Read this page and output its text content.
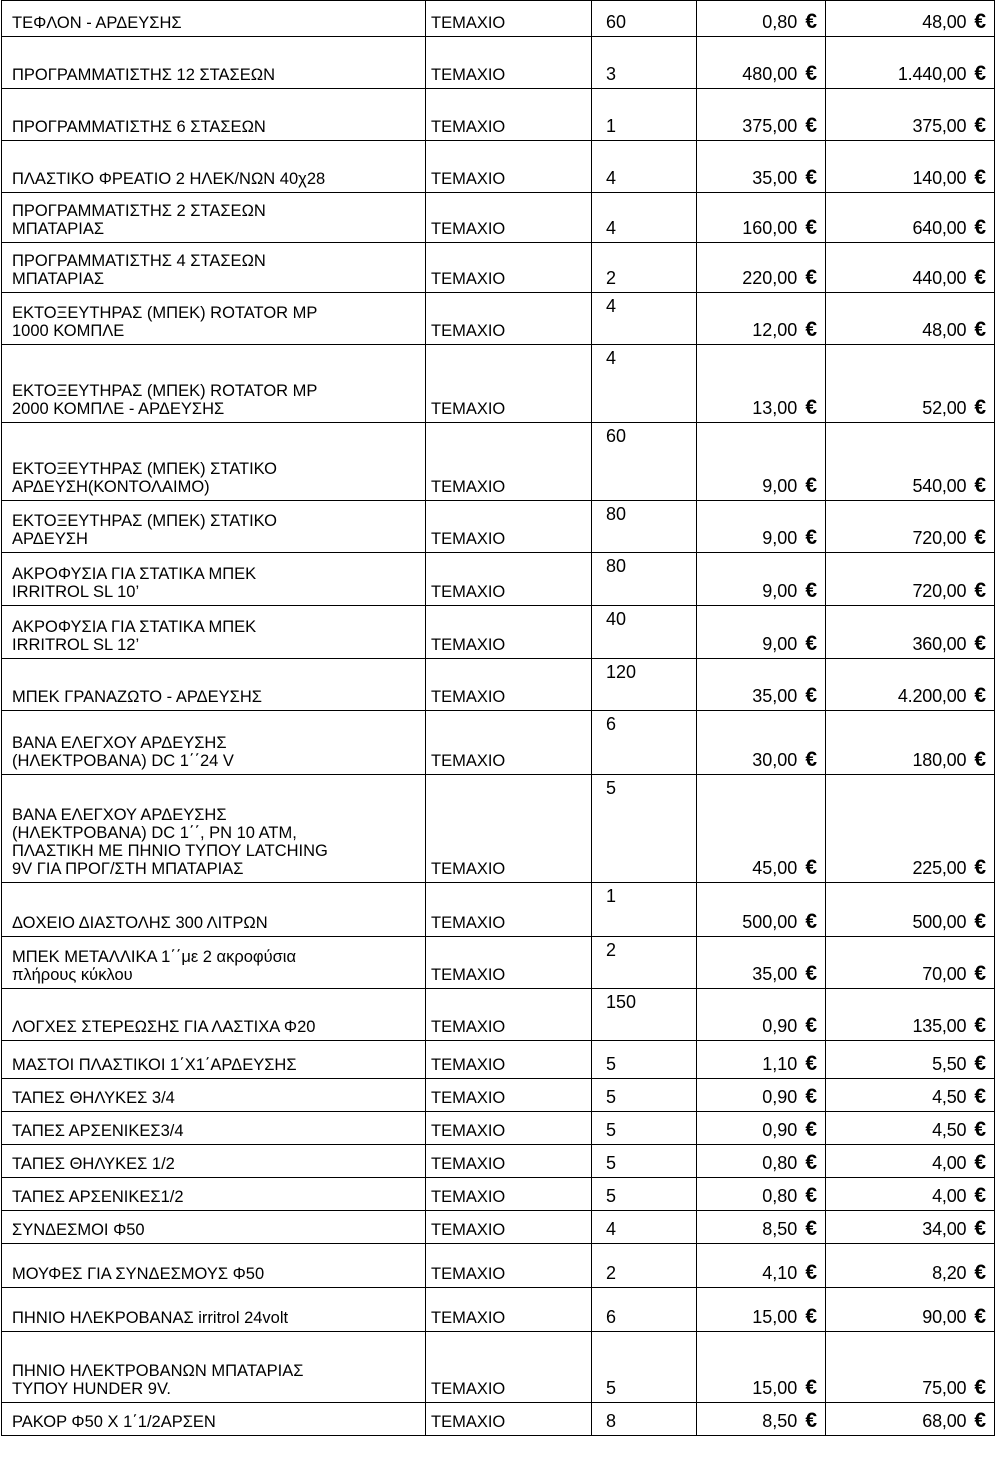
ΤΕΦΛΟΝ - ΑΡΔΕΥΣΗΣ	ΤΕΜΑΧΙΟ	60	0,80 €	48,00 €
ΠΡΟΓΡΑΜΜΑΤΙΣΤΗΣ 12 ΣΤΑΣΕΩΝ	ΤΕΜΑΧΙΟ	3	480,00 €	1.440,00 €
ΠΡΟΓΡΑΜΜΑΤΙΣΤΗΣ 6 ΣΤΑΣΕΩΝ	ΤΕΜΑΧΙΟ	1	375,00 €	375,00 €
ΠΛΑΣΤΙΚΟ ΦΡΕΑΤΙΟ 2 ΗΛΕΚ/ΝΩΝ 40χ28	ΤΕΜΑΧΙΟ	4	35,00 €	140,00 €
ΠΡΟΓΡΑΜΜΑΤΙΣΤΗΣ 2 ΣΤΑΣΕΩΝ
ΜΠΑΤΑΡΙΑΣ	ΤΕΜΑΧΙΟ	4	160,00 €	640,00 €
ΠΡΟΓΡΑΜΜΑΤΙΣΤΗΣ 4 ΣΤΑΣΕΩΝ
ΜΠΑΤΑΡΙΑΣ	ΤΕΜΑΧΙΟ	2	220,00 €	440,00 €
ΕΚΤΟΞΕΥΤΗΡΑΣ (ΜΠΕΚ) ROTATOR MP
1000 ΚΟΜΠΛΕ	ΤΕΜΑΧΙΟ	4	12,00 €	48,00 €
ΕΚΤΟΞΕΥΤΗΡΑΣ (ΜΠΕΚ) ROTATOR MP
2000 ΚΟΜΠΛΕ - ΑΡΔΕΥΣΗΣ	ΤΕΜΑΧΙΟ	4	13,00 €	52,00 €
ΕΚΤΟΞΕΥΤΗΡΑΣ (ΜΠΕΚ) ΣΤΑΤΙΚΟ
ΑΡΔΕΥΣΗ(ΚΟΝΤΟΛΑΙΜΟ)	ΤΕΜΑΧΙΟ	60	9,00 €	540,00 €
ΕΚΤΟΞΕΥΤΗΡΑΣ (ΜΠΕΚ) ΣΤΑΤΙΚΟ
ΑΡΔΕΥΣΗ	ΤΕΜΑΧΙΟ	80	9,00 €	720,00 €
ΑΚΡΟΦΥΣΙΑ ΓΙΑ ΣΤΑΤΙΚΑ ΜΠΕΚ
IRRITROL SL 10’	ΤΕΜΑΧΙΟ	80	9,00 €	720,00 €
ΑΚΡΟΦΥΣΙΑ ΓΙΑ ΣΤΑΤΙΚΑ ΜΠΕΚ
IRRITROL SL 12’	ΤΕΜΑΧΙΟ	40	9,00 €	360,00 €
ΜΠΕΚ ΓΡΑΝΑΖΩΤΟ - ΑΡΔΕΥΣΗΣ	ΤΕΜΑΧΙΟ	120	35,00 €	4.200,00 €
ΒΑΝΑ ΕΛΕΓΧΟΥ ΑΡΔΕΥΣΗΣ
(ΗΛΕΚΤΡΟΒΑΝΑ) DC 1΄΄24 V	ΤΕΜΑΧΙΟ	6	30,00 €	180,00 €
ΒΑΝΑ ΕΛΕΓΧΟΥ ΑΡΔΕΥΣΗΣ
(ΗΛΕΚΤΡΟΒΑΝΑ) DC 1΄΄, PN 10 ATM,
ΠΛΑΣΤΙΚΗ ΜΕ ΠΗΝΙΟ ΤΥΠΟΥ LATCHING
9V ΓΙΑ ΠΡΟΓ/ΣΤΗ ΜΠΑΤΑΡΙΑΣ	ΤΕΜΑΧΙΟ	5	45,00 €	225,00 €
ΔΟΧΕΙΟ ΔΙΑΣΤΟΛΗΣ 300 ΛΙΤΡΩΝ	ΤΕΜΑΧΙΟ	1	500,00 €	500,00 €
ΜΠΕΚ ΜΕΤΑΛΛΙΚΑ 1΄΄με 2 ακροφύσια
πλήρους κύκλου	ΤΕΜΑΧΙΟ	2	35,00 €	70,00 €
ΛΟΓΧΕΣ ΣΤΕΡΕΩΣΗΣ ΓΙΑ ΛΑΣΤΙΧΑ Φ20	ΤΕΜΑΧΙΟ	150	0,90 €	135,00 €
ΜΑΣΤΟΙ ΠΛΑΣΤΙΚΟΙ 1΄Χ1΄ΑΡΔΕΥΣΗΣ	ΤΕΜΑΧΙΟ	5	1,10 €	5,50 €
ΤΑΠΕΣ ΘΗΛΥΚΕΣ 3/4	ΤΕΜΑΧΙΟ	5	0,90 €	4,50 €
ΤΑΠΕΣ ΑΡΣΕΝΙΚΕΣ3/4	ΤΕΜΑΧΙΟ	5	0,90 €	4,50 €
ΤΑΠΕΣ ΘΗΛΥΚΕΣ 1/2	ΤΕΜΑΧΙΟ	5	0,80 €	4,00 €
ΤΑΠΕΣ ΑΡΣΕΝΙΚΕΣ1/2	ΤΕΜΑΧΙΟ	5	0,80 €	4,00 €
ΣΥΝΔΕΣΜΟΙ Φ50	ΤΕΜΑΧΙΟ	4	8,50 €	34,00 €
ΜΟΥΦΕΣ ΓΙΑ ΣΥΝΔΕΣΜΟΥΣ Φ50	ΤΕΜΑΧΙΟ	2	4,10 €	8,20 €
ΠΗΝΙΟ ΗΛΕΚΡΟΒΑΝΑΣ irritrol 24volt	ΤΕΜΑΧΙΟ	6	15,00 €	90,00 €
ΠΗΝΙΟ ΗΛΕΚΤΡΟΒΑΝΩΝ ΜΠΑΤΑΡΙΑΣ
ΤΥΠΟΥ HUNDER 9V.	ΤΕΜΑΧΙΟ	5	15,00 €	75,00 €
ΡΑΚΟΡ Φ50 Χ 1΄1/2ΑΡΣΕΝ	ΤΕΜΑΧΙΟ	8	8,50 €	68,00 €
